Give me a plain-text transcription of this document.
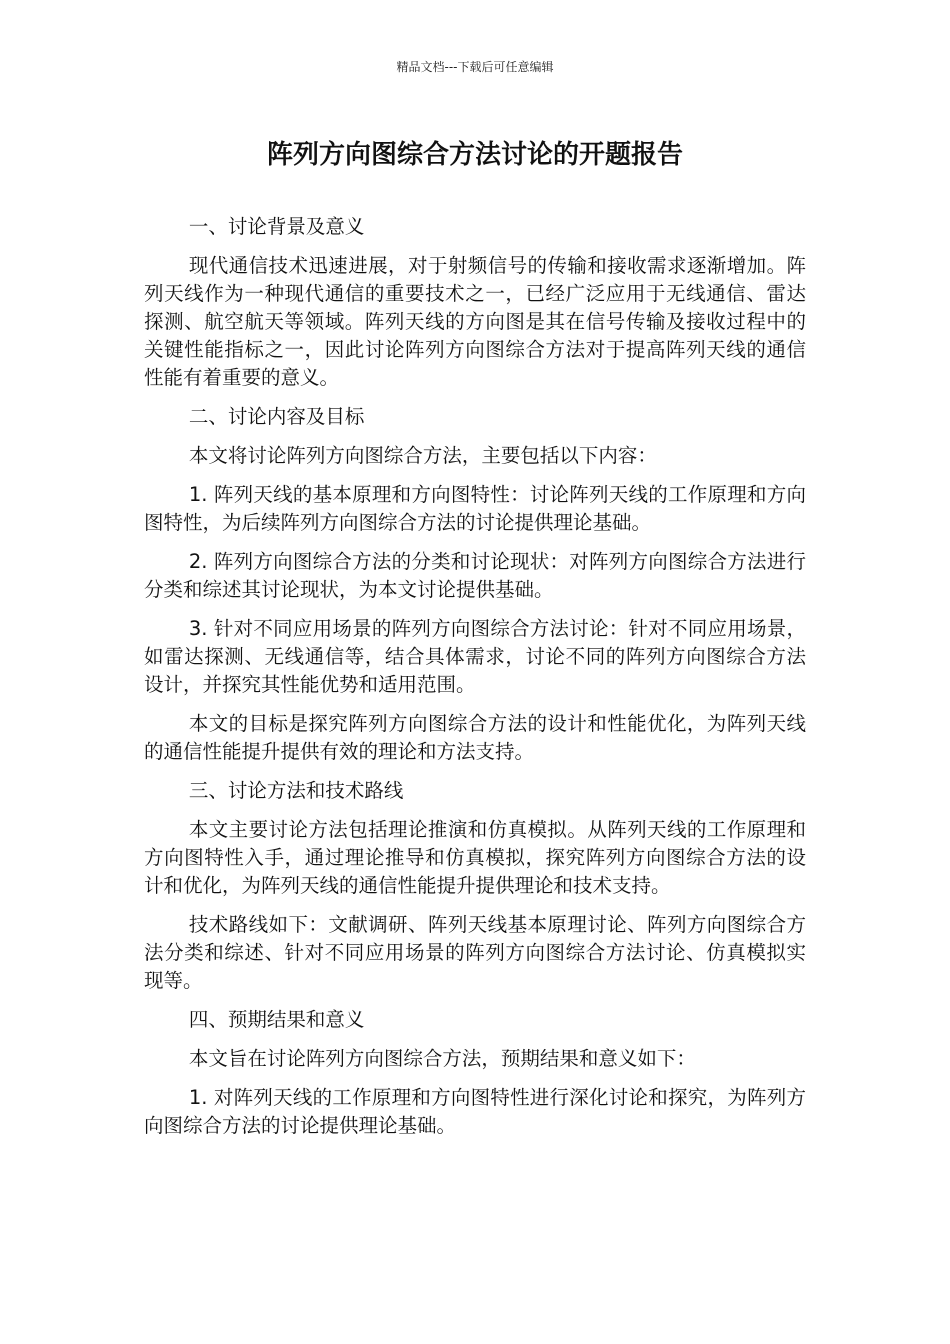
精品文档---下载后可任意编辑
阵列方向图综合方法讨论的开题报告

一、讨论背景及意义

现代通信技术迅速进展，对于射频信号的传输和接收需求逐渐增加。阵列天线作为一种现代通信的重要技术之一，已经广泛应用于无线通信、雷达探测、航空航天等领域。阵列天线的方向图是其在信号传输及接收过程中的关键性能指标之一，因此讨论阵列方向图综合方法对于提高阵列天线的通信性能有着重要的意义。

二、讨论内容及目标

本文将讨论阵列方向图综合方法，主要包括以下内容：

1. 阵列天线的基本原理和方向图特性：讨论阵列天线的工作原理和方向图特性，为后续阵列方向图综合方法的讨论提供理论基础。

2. 阵列方向图综合方法的分类和讨论现状：对阵列方向图综合方法进行分类和综述其讨论现状，为本文讨论提供基础。

3. 针对不同应用场景的阵列方向图综合方法讨论：针对不同应用场景，如雷达探测、无线通信等，结合具体需求，讨论不同的阵列方向图综合方法设计，并探究其性能优势和适用范围。

本文的目标是探究阵列方向图综合方法的设计和性能优化，为阵列天线的通信性能提升提供有效的理论和方法支持。

三、讨论方法和技术路线

本文主要讨论方法包括理论推演和仿真模拟。从阵列天线的工作原理和方向图特性入手，通过理论推导和仿真模拟，探究阵列方向图综合方法的设计和优化，为阵列天线的通信性能提升提供理论和技术支持。

技术路线如下：文献调研、阵列天线基本原理讨论、阵列方向图综合方法分类和综述、针对不同应用场景的阵列方向图综合方法讨论、仿真模拟实现等。

四、预期结果和意义

本文旨在讨论阵列方向图综合方法，预期结果和意义如下：

1. 对阵列天线的工作原理和方向图特性进行深化讨论和探究，为阵列方向图综合方法的讨论提供理论基础。
